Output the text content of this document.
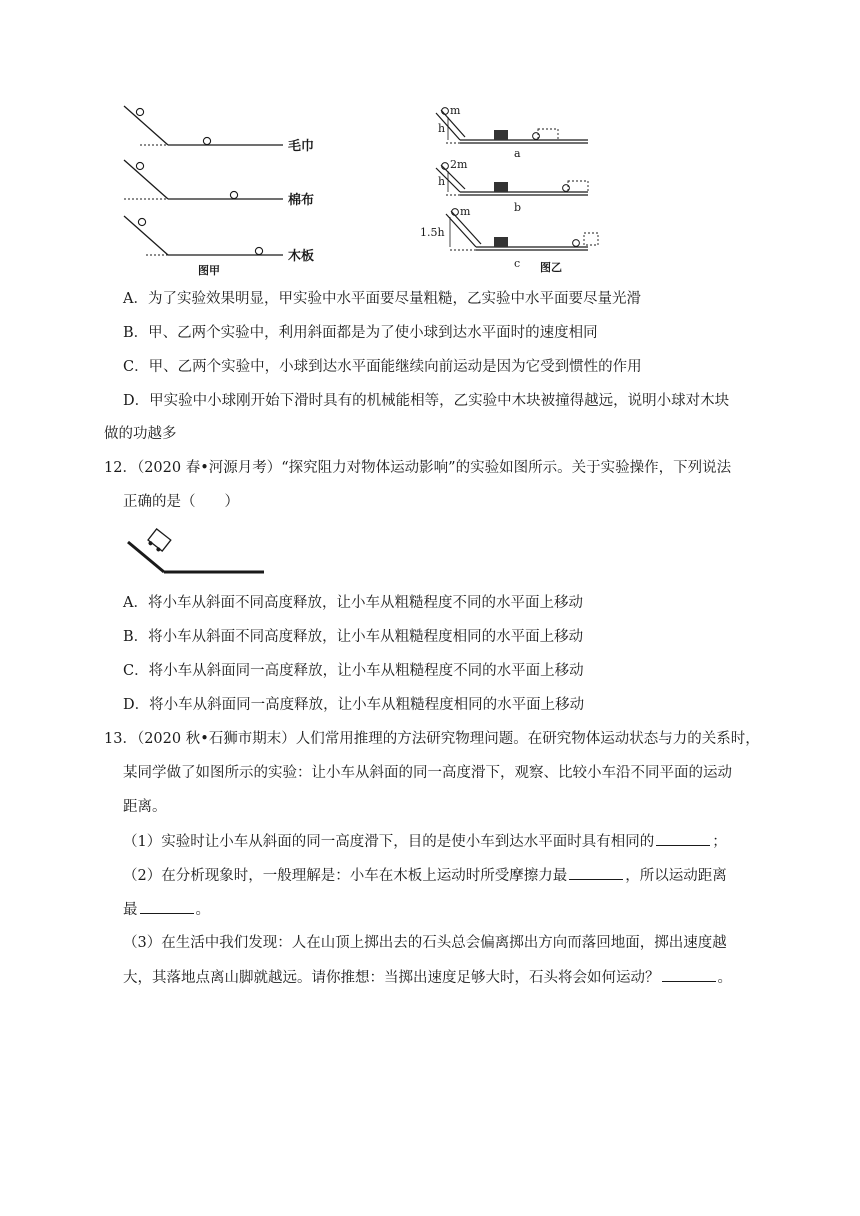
毛巾
棉布
木板
图甲
m
h
a
2m
h
b
m
1.5h
c 图乙
A．为了实验效果明显，甲实验中水平面要尽量粗糙，乙实验中水平面要尽量光滑
B．甲、乙两个实验中，利用斜面都是为了使小球到达水平面时的速度相同
C．甲、乙两个实验中，小球到达水平面能继续向前运动是因为它受到惯性的作用
D．甲实验中小球刚开始下滑时具有的机械能相等，乙实验中木块被撞得越远，说明小球对木块
做的功越多
12．（2020 春•河源月考）“探究阻力对物体运动影响”的实验如图所示。关于实验操作，下列说法
正确的是（　　）
A．将小车从斜面不同高度释放，让小车从粗糙程度不同的水平面上移动
B．将小车从斜面不同高度释放，让小车从粗糙程度相同的水平面上移动
C．将小车从斜面同一高度释放，让小车从粗糙程度不同的水平面上移动
D．将小车从斜面同一高度释放，让小车从粗糙程度相同的水平面上移动
13．（2020 秋•石狮市期末）人们常用推理的方法研究物理问题。在研究物体运动状态与力的关系时，
某同学做了如图所示的实验：让小车从斜面的同一高度滑下，观察、比较小车沿不同平面的运动
距离。
（1）实验时让小车从斜面的同一高度滑下，目的是使小车到达水平面时具有相同的	；
（2）在分析现象时，一般理解是：小车在木板上运动时所受摩擦力最	，所以运动距离
最	。
（3）在生活中我们发现：人在山顶上掷出去的石头总会偏离掷出方向而落回地面，掷出速度越
大，其落地点离山脚就越远。请你推想：当掷出速度足够大时，石头将会如何运动？	。
